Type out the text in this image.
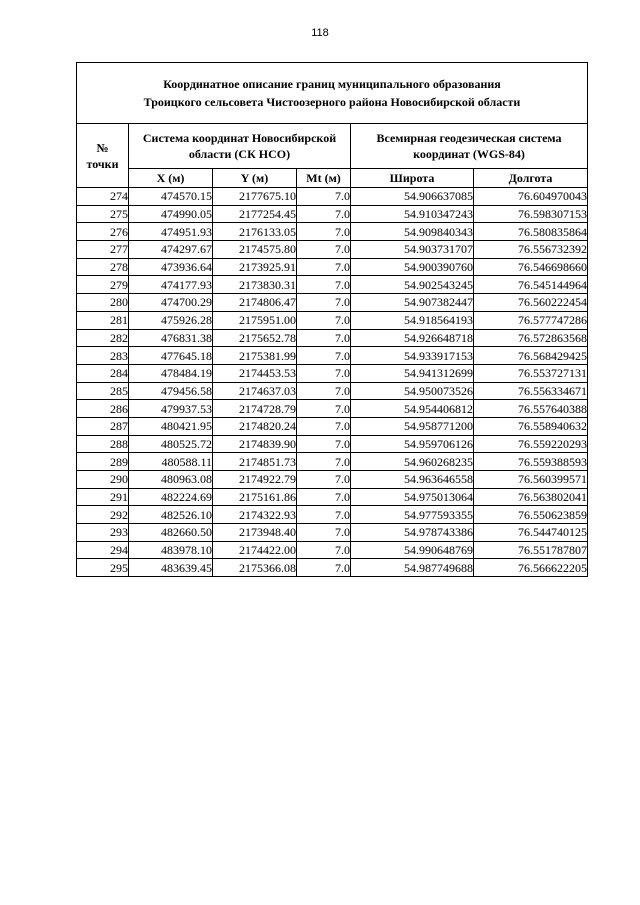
118
Координатное описание границ муниципального образования
Троицкого сельсовета Чистоозерного района Новосибирской области					

№
точки	Система координат Новосибирской области (СК НСО)			Всемирная геодезическая система координат (WGS-84)	
	X (м)	Y (м)	Mt (м)	Широта	Долгота
274	474570.15	2177675.10	7.0	54.906637085	76.604970043
275	474990.05	2177254.45	7.0	54.910347243	76.598307153
276	474951.93	2176133.05	7.0	54.909840343	76.580835864
277	474297.67	2174575.80	7.0	54.903731707	76.556732392
278	473936.64	2173925.91	7.0	54.900390760	76.546698660
279	474177.93	2173830.31	7.0	54.902543245	76.545144964
280	474700.29	2174806.47	7.0	54.907382447	76.560222454
281	475926.28	2175951.00	7.0	54.918564193	76.577747286
282	476831.38	2175652.78	7.0	54.926648718	76.572863568
283	477645.18	2175381.99	7.0	54.933917153	76.568429425
284	478484.19	2174453.53	7.0	54.941312699	76.553727131
285	479456.58	2174637.03	7.0	54.950073526	76.556334671
286	479937.53	2174728.79	7.0	54.954406812	76.557640388
287	480421.95	2174820.24	7.0	54.958771200	76.558940632
288	480525.72	2174839.90	7.0	54.959706126	76.559220293
289	480588.11	2174851.73	7.0	54.960268235	76.559388593
290	480963.08	2174922.79	7.0	54.963646558	76.560399571
291	482224.69	2175161.86	7.0	54.975013064	76.563802041
292	482526.10	2174322.93	7.0	54.977593355	76.550623859
293	482660.50	2173948.40	7.0	54.978743386	76.544740125
294	483978.10	2174422.00	7.0	54.990648769	76.551787807
295	483639.45	2175366.08	7.0	54.987749688	76.566622205
